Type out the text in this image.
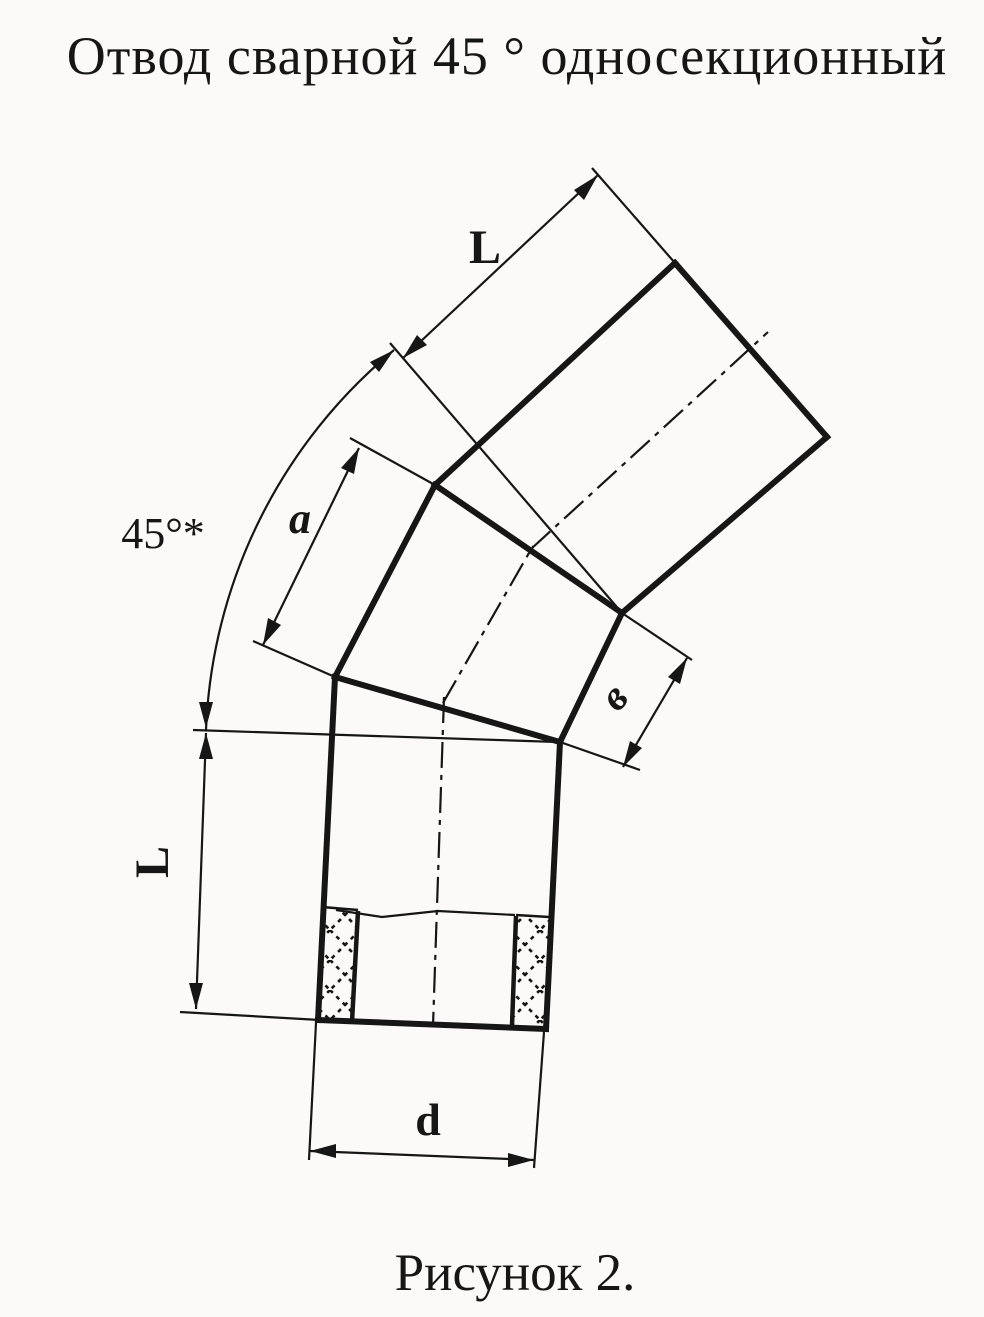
Отвод сварной 45 ° односекционный
L
45°* a
в
L
d
Рисунок 2.
